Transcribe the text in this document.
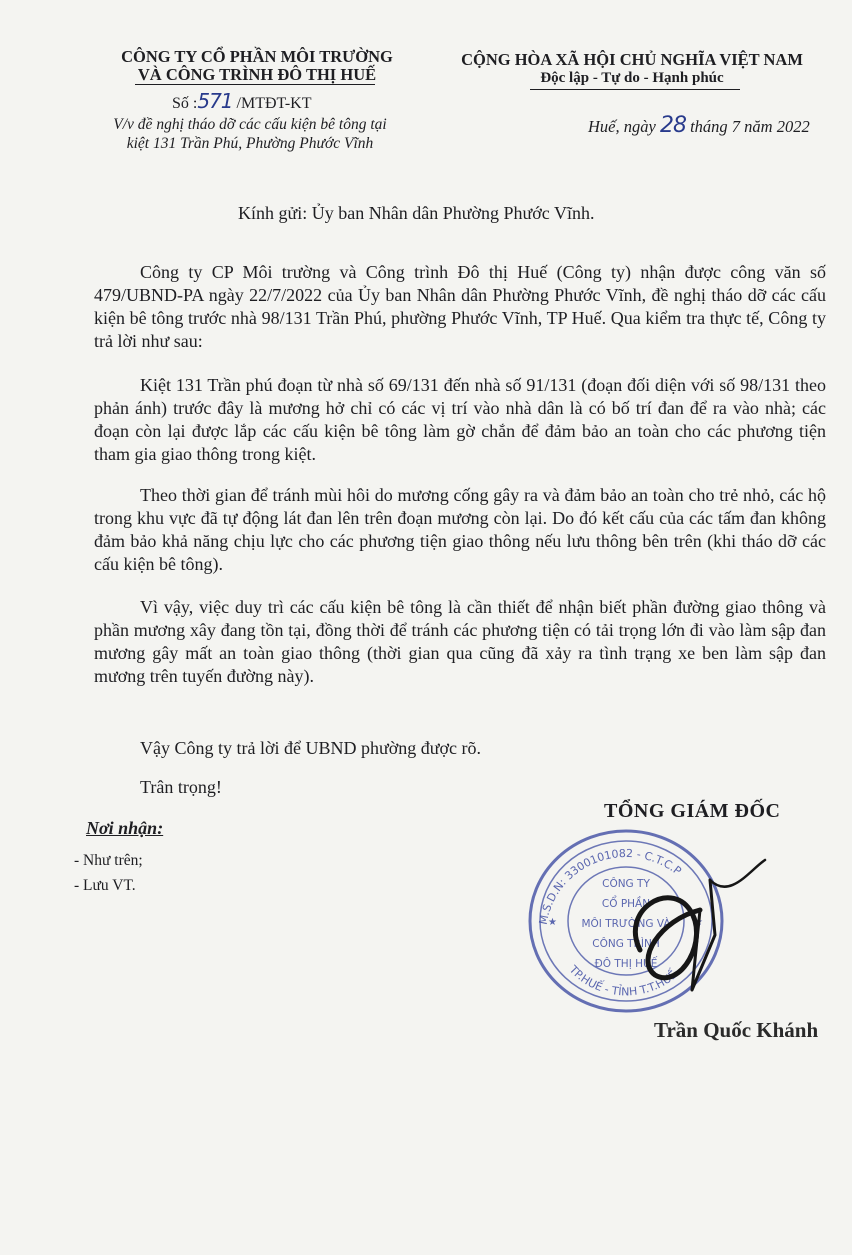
CÔNG TY CỔ PHẦN MÔI TRƯỜNG
VÀ CÔNG TRÌNH ĐÔ THỊ HUẾ
Số :571 /MTĐT-KT
V/v đề nghị tháo dỡ các cấu kiện bê tông tại
kiệt 131 Trần Phú, Phường Phước Vĩnh
CỘNG HÒA XÃ HỘI CHỦ NGHĨA VIỆT NAM
Độc lập - Tự do - Hạnh phúc
Huế, ngày 28 tháng 7 năm 2022
Kính gửi: Ủy ban Nhân dân Phường Phước Vĩnh.
Công ty CP Môi trường và Công trình Đô thị Huế (Công ty) nhận được công văn số 479/UBND-PA ngày 22/7/2022 của Ủy ban Nhân dân Phường Phước Vĩnh, đề nghị tháo dỡ các cấu kiện bê tông trước nhà 98/131 Trần Phú, phường Phước Vĩnh, TP Huế. Qua kiểm tra thực tế, Công ty trả lời như sau:
Kiệt 131 Trần phú đoạn từ nhà số 69/131 đến nhà số 91/131 (đoạn đối diện với số 98/131 theo phản ánh) trước đây là mương hở chỉ có các vị trí vào nhà dân là có bố trí đan để ra vào nhà; các đoạn còn lại được lắp các cấu kiện bê tông làm gờ chắn để đảm bảo an toàn cho các phương tiện tham gia giao thông trong kiệt.
Theo thời gian để tránh mùi hôi do mương cống gây ra và đảm bảo an toàn cho trẻ nhỏ, các hộ trong khu vực đã tự động lát đan lên trên đoạn mương còn lại. Do đó kết cấu của các tấm đan không đảm bảo khả năng chịu lực cho các phương tiện giao thông nếu lưu thông bên trên (khi tháo dỡ các cấu kiện bê tông).
Vì vậy, việc duy trì các cấu kiện bê tông là cần thiết để nhận biết phần đường giao thông và phần mương xây đang tồn tại, đồng thời để tránh các phương tiện có tải trọng lớn đi vào làm sập đan mương gây mất an toàn giao thông (thời gian qua cũng đã xảy ra tình trạng xe ben làm sập đan mương trên tuyến đường này).
Vậy Công ty trả lời để UBND phường được rõ.
Trân trọng!
Nơi nhận:
- Như trên;
- Lưu VT.
TỔNG GIÁM ĐỐC
M.S.D.N: 3300101082 - C.T.C.P
TP.HUẾ - TỈNH T.T.HUẾ
★	★
CÔNG TY
CỔ PHẦN
MÔI TRƯỜNG VÀ
CÔNG TRÌNH
ĐÔ THỊ HUẾ
Trần Quốc Khánh
